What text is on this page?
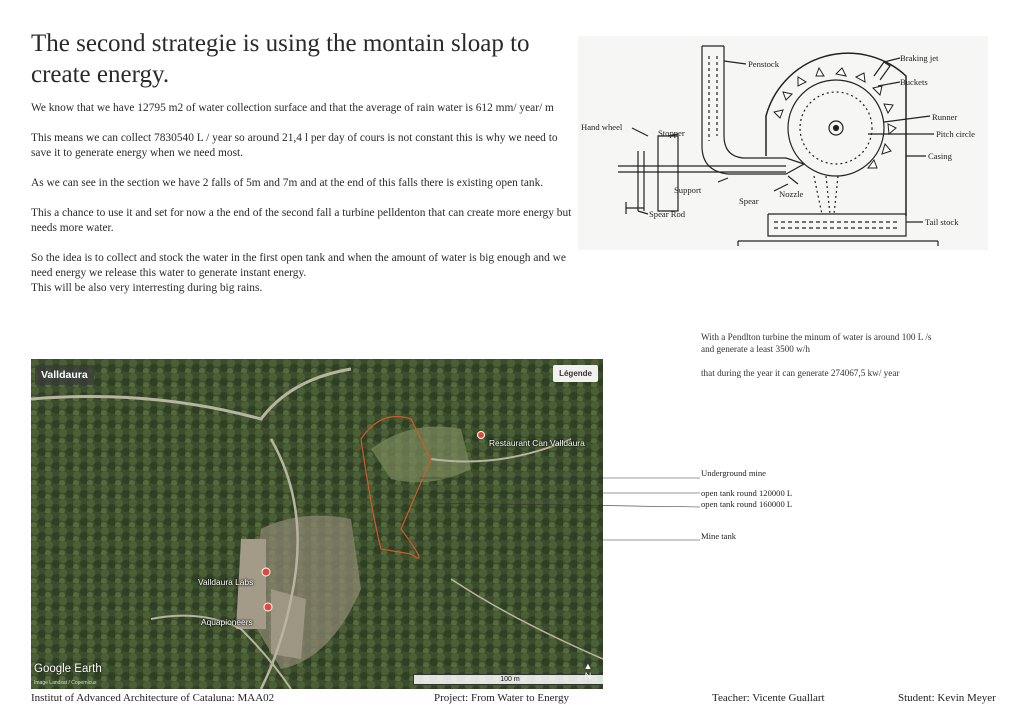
The second strategie is using the montain sloap to create energy.

We know that we have 12795 m2 of water collection surface and that the average of rain water is 612 mm/ year/ m

This means we can collect 7830540 L / year so around 21,4 l per day of cours is not constant this is why we need to save it to generate energy when we need most.

As we can see in the section we have 2 falls of 5m and 7m and at the end of this falls there is existing open tank.

This a chance to use it and set for now a the end of the second fall a turbine pelldenton that can create more energy but needs more water.

So the idea is to collect and stock the water in the first open tank and when the amount of water is big enough and we need energy we release this water to generate instant energy.
This will be also very interresting during big rains.

With a Pendlton turbine the minum of water is around 100 L /s and generate a least 3500 w/h
that during the year it can generate 274067,5 kw/ year
Penstock
Braking jet
Buckets
Runner
Pitch circle
Casing
Hand wheel
Stopper
Support	Nozzle
Spear
Spear Rod
Tail stock
Valldaura	Légende
Restaurant Can Valldaura
Valldaura Labs
Aquapioneers
Google Earth
Image Landsat / Copernicus	100 m
▲
N
Underground mine
open tank round 120000 L
open tank round 160000 L
Mine tank
Institut of Advanced Architecture of Cataluna: MAA02	Project: From Water to Energy	Teacher: Vicente Guallart	Student: Kevin Meyer
